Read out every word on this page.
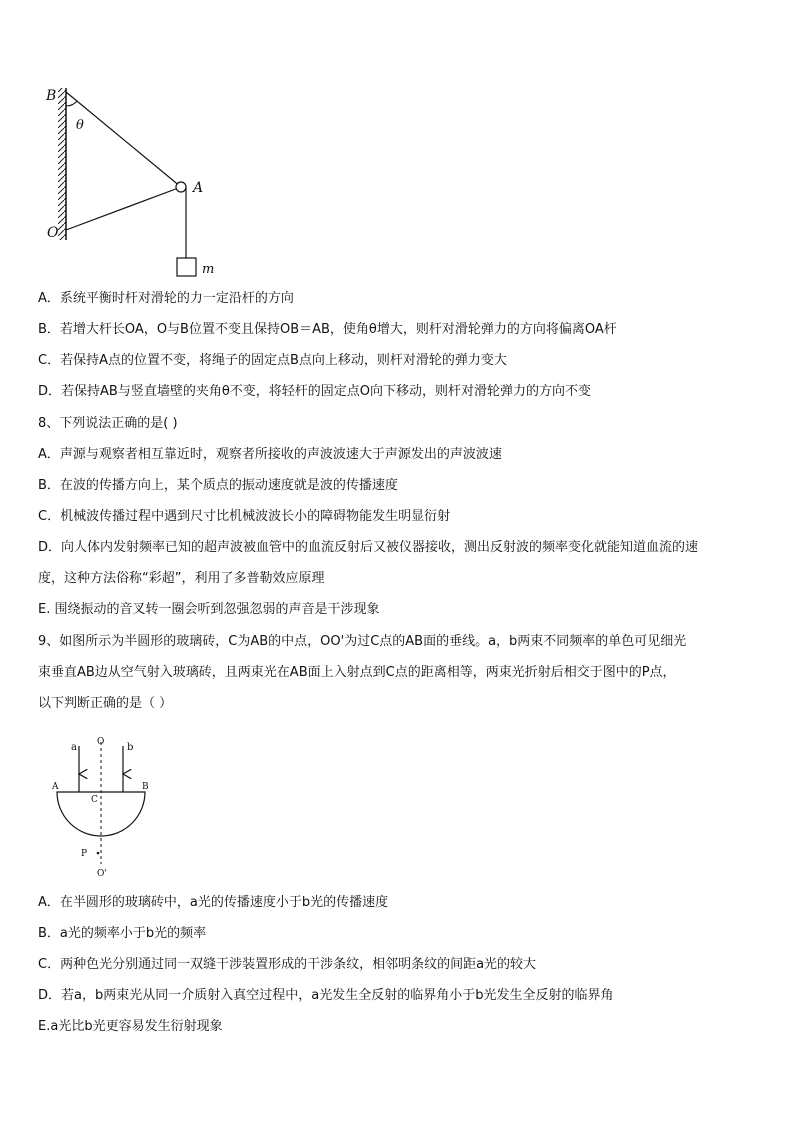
B
θ
A
O
m
A．系统平衡时杆对滑轮的力一定沿杆的方向
B．若增大杆长OA，O与B位置不变且保持OB＝AB，使角θ增大，则杆对滑轮弹力的方向将偏离OA杆
C．若保持A点的位置不变，将绳子的固定点B点向上移动，则杆对滑轮的弹力变大
D．若保持AB与竖直墙壁的夹角θ不变，将轻杆的固定点O向下移动，则杆对滑轮弹力的方向不变
8、下列说法正确的是( )
A．声源与观察者相互靠近时，观察者所接收的声波波速大于声源发出的声波波速
B．在波的传播方向上，某个质点的振动速度就是波的传播速度
C．机械波传播过程中遇到尺寸比机械波波长小的障碍物能发生明显衍射
D．向人体内发射频率已知的超声波被血管中的血流反射后又被仪器接收，测出反射波的频率变化就能知道血流的速
度，这种方法俗称“彩超”，利用了多普勒效应原理
E. 围绕振动的音叉转一圈会听到忽强忽弱的声音是干涉现象
9、如图所示为半圆形的玻璃砖，C为AB的中点，OO'为过C点的AB面的垂线。a，b两束不同频率的单色可见细光
束垂直AB边从空气射入玻璃砖，且两束光在AB面上入射点到C点的距离相等，两束光折射后相交于图中的P点，
以下判断正确的是（ ）
a O b
A	B
C
P
O'
A．在半圆形的玻璃砖中，a光的传播速度小于b光的传播速度
B．a光的频率小于b光的频率
C．两种色光分别通过同一双缝干涉装置形成的干涉条纹，相邻明条纹的间距a光的较大
D．若a，b两束光从同一介质射入真空过程中，a光发生全反射的临界角小于b光发生全反射的临界角
E.a光比b光更容易发生衍射现象
